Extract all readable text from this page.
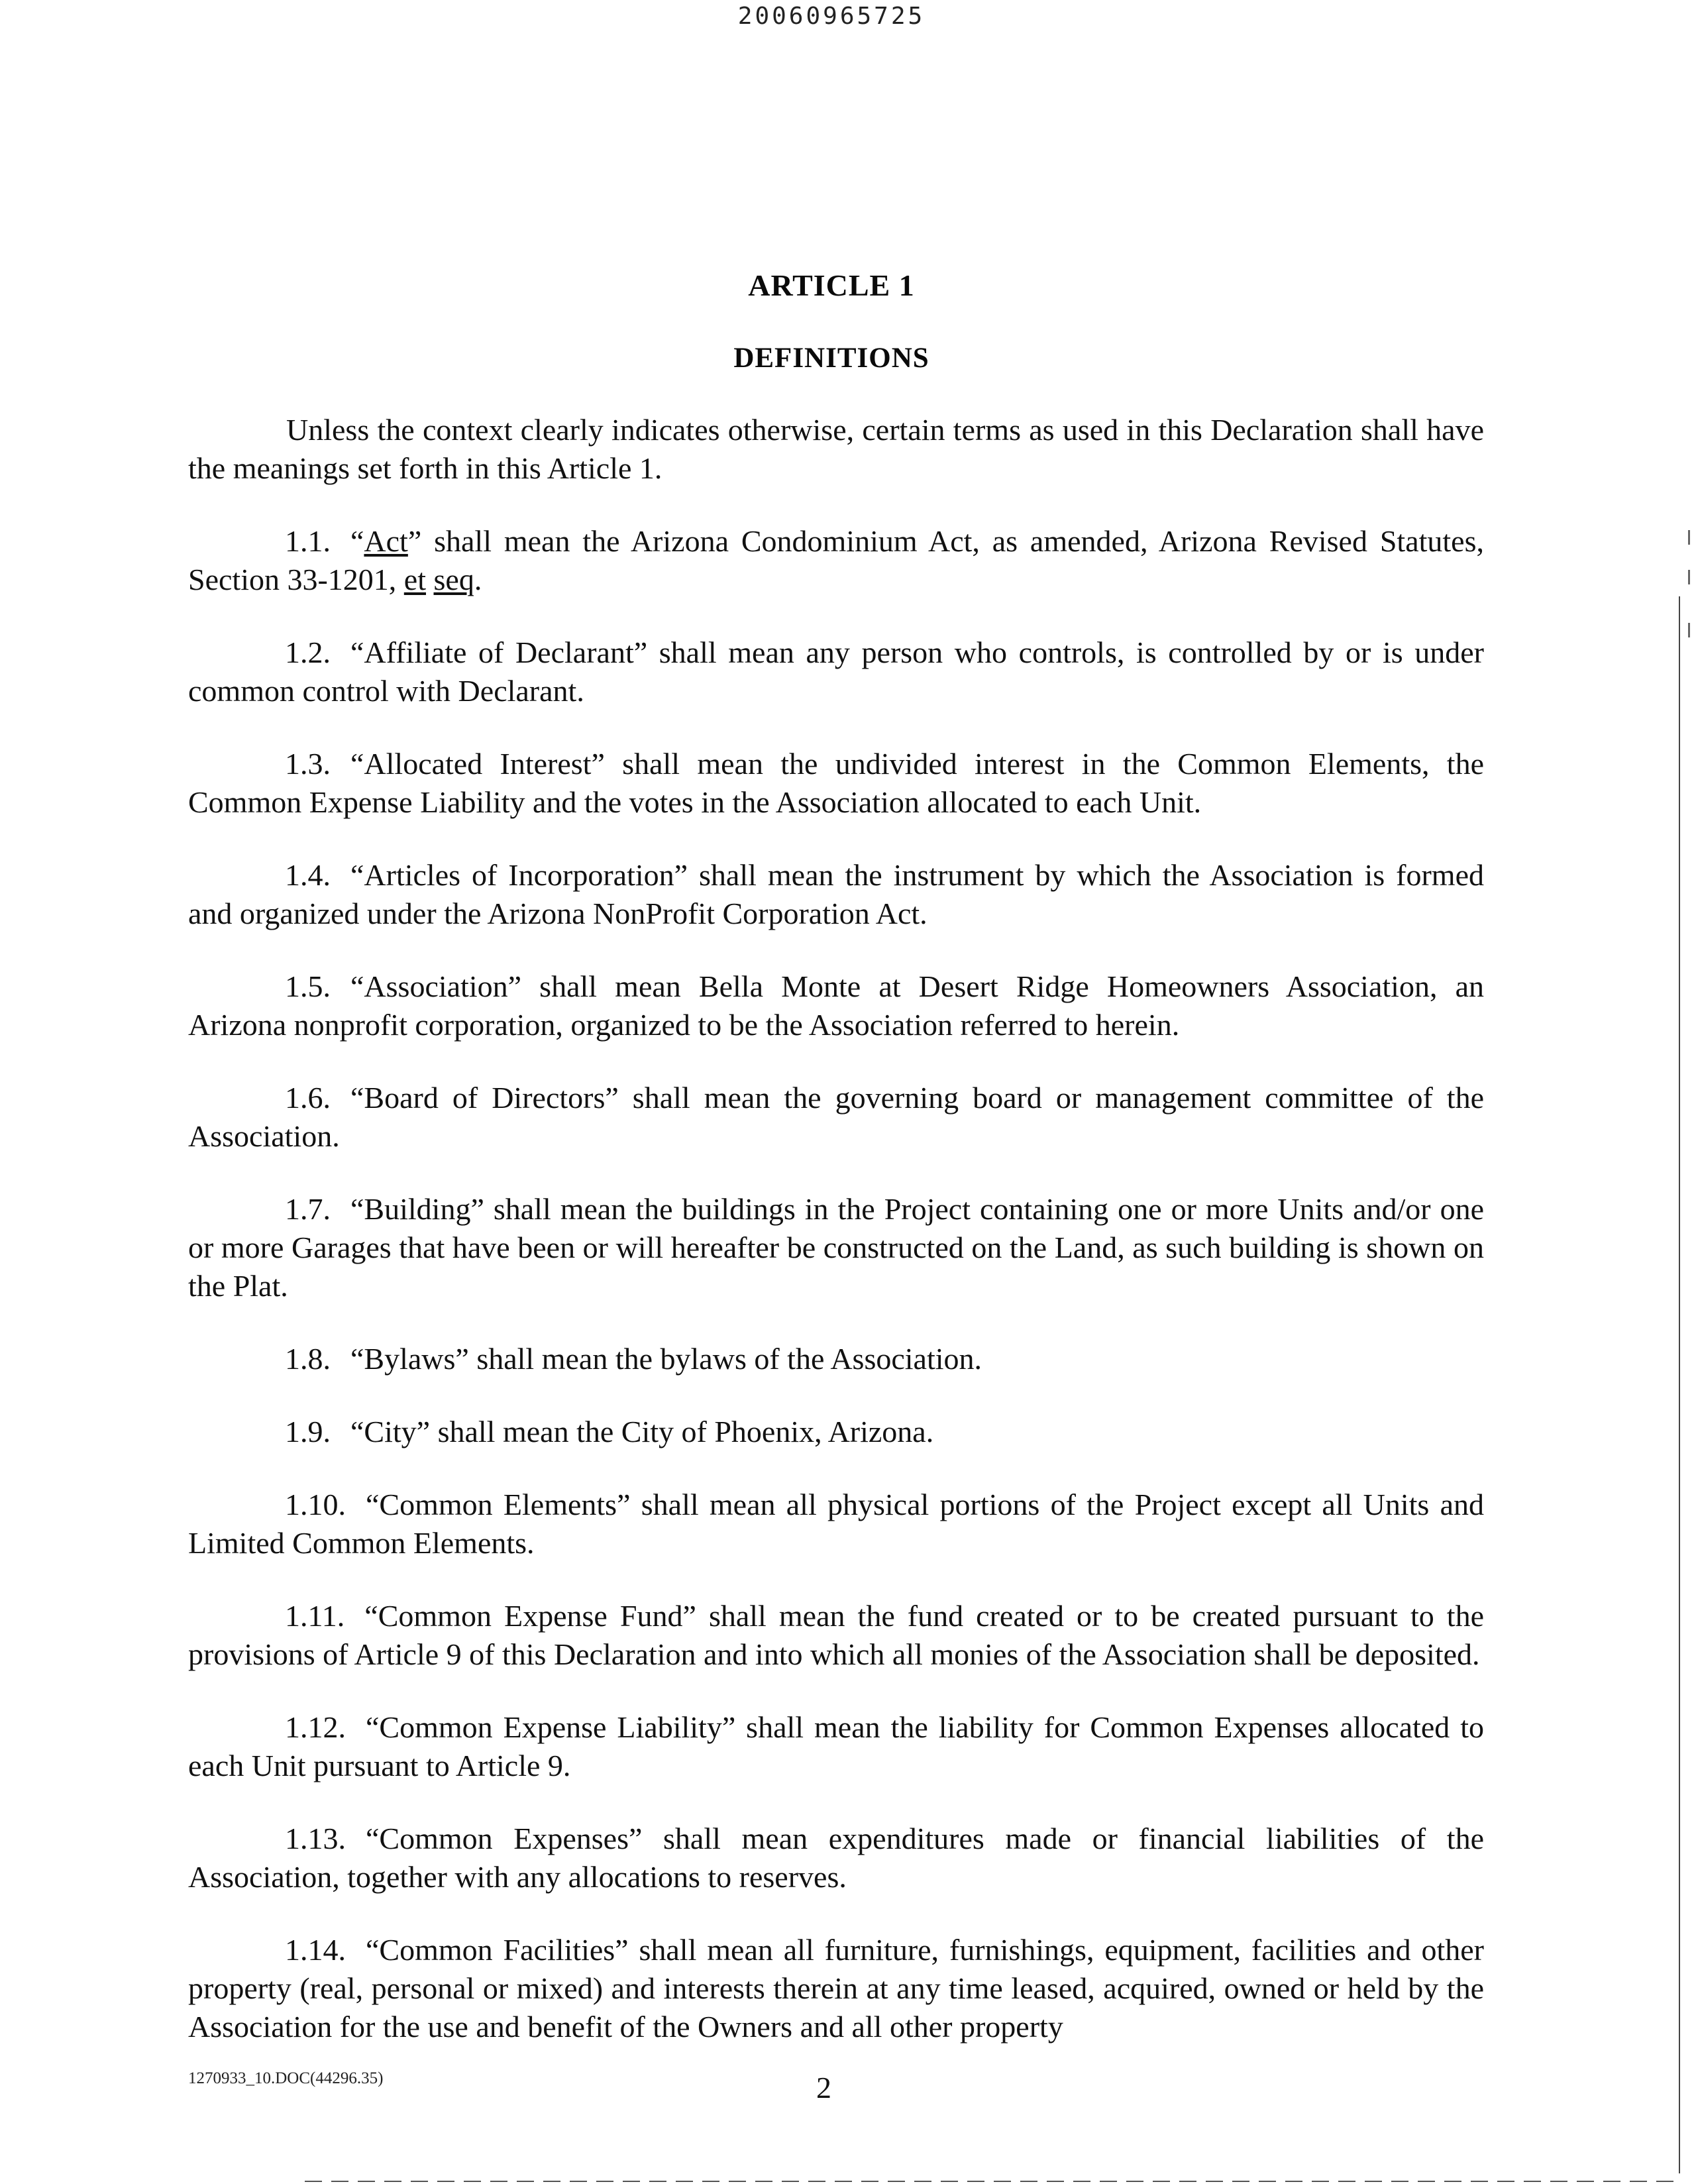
20060965725
ARTICLE 1
DEFINITIONS

Unless the context clearly indicates otherwise, certain terms as used in this Declaration shall have the meanings set forth in this Article 1.

1.1. “Act” shall mean the Arizona Condominium Act, as amended, Arizona Revised Statutes, Section 33-1201, et seq.

1.2. “Affiliate of Declarant” shall mean any person who controls, is controlled by or is under common control with Declarant.

1.3. “Allocated Interest” shall mean the undivided interest in the Common Elements, the Common Expense Liability and the votes in the Association allocated to each Unit.

1.4. “Articles of Incorporation” shall mean the instrument by which the Association is formed and organized under the Arizona NonProfit Corporation Act.

1.5. “Association” shall mean Bella Monte at Desert Ridge Homeowners Association, an Arizona nonprofit corporation, organized to be the Association referred to herein.

1.6. “Board of Directors” shall mean the governing board or management committee of the Association.

1.7. “Building” shall mean the buildings in the Project containing one or more Units and/or one or more Garages that have been or will hereafter be constructed on the Land, as such building is shown on the Plat.

1.8. “Bylaws” shall mean the bylaws of the Association.

1.9. “City” shall mean the City of Phoenix, Arizona.

1.10. “Common Elements” shall mean all physical portions of the Project except all Units and Limited Common Elements.

1.11. “Common Expense Fund” shall mean the fund created or to be created pursuant to the provisions of Article 9 of this Declaration and into which all monies of the Association shall be deposited.

1.12. “Common Expense Liability” shall mean the liability for Common Expenses allocated to each Unit pursuant to Article 9.

1.13. “Common Expenses” shall mean expenditures made or financial liabilities of the Association, together with any allocations to reserves.

1.14. “Common Facilities” shall mean all furniture, furnishings, equipment, facilities and other property (real, personal or mixed) and interests therein at any time leased, acquired, owned or held by the Association for the use and benefit of the Owners and all other property

1270933_10.DOC(44296.35)	2
